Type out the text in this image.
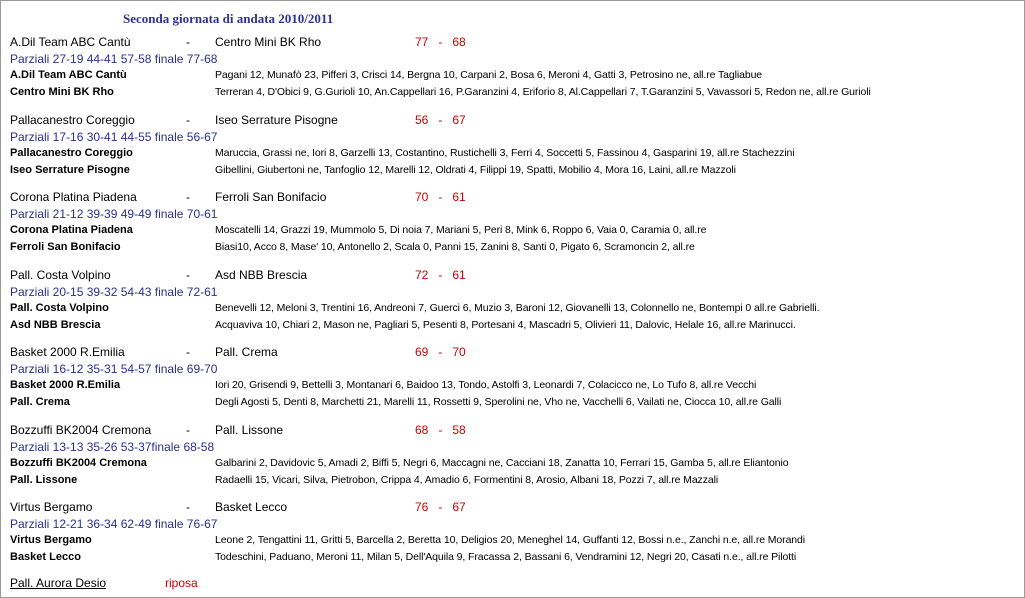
Seconda giornata di andata 2010/2011
A.Dil Team ABC Cantù	- Centro Mini BK Rho	77   -   68
Parziali 27-19 44-41 57-58 finale 77-68
A.Dil Team ABC Cantù	Pagani 12, Munafò 23, Pifferi 3, Crisci 14, Bergna 10, Carpani 2, Bosa 6, Meroni 4, Gatti 3, Petrosino ne, all.re Tagliabue
Centro Mini BK Rho	Terreran 4, D'Obici 9, G.Gurioli 10, An.Cappellari 16, P.Garanzini 4, Eriforio 8, Al.Cappellari 7, T.Garanzini 5, Vavassori 5, Redon ne, all.re Gurioli
Pallacanestro Coreggio	- Iseo Serrature Pisogne	56   -   67
Parziali 17-16 30-41 44-55 finale 56-67
Pallacanestro Coreggio	Maruccia, Grassi ne, Iori 8, Garzelli 13, Costantino, Rustichelli 3, Ferri 4, Soccetti 5, Fassinou 4, Gasparini 19, all.re Stachezzini
Iseo Serrature Pisogne	Gibellini, Giubertoni ne, Tanfoglio 12, Marelli 12, Oldrati 4, Filippi 19, Spatti, Mobilio 4, Mora 16, Laini, all.re Mazzoli
Corona Platina Piadena	- Ferroli San Bonifacio	70   -   61
Parziali 21-12 39-39 49-49 finale 70-61
Corona Platina Piadena	Moscatelli 14, Grazzi 19, Mummolo 5, Di noia 7, Mariani 5, Peri 8, Mink 6, Roppo 6, Vaia 0, Caramia 0, all.re
Ferroli San Bonifacio	Biasi10, Acco 8, Mase' 10, Antonello 2, Scala 0, Panni 15, Zanini 8, Santi 0, Pigato 6, Scramoncin 2, all.re
Pall. Costa Volpino	- Asd NBB Brescia	72   -   61
Parziali 20-15 39-32 54-43 finale 72-61
Pall. Costa Volpino	Benevelli 12, Meloni 3, Trentini 16, Andreoni 7, Guerci 6, Muzio 3, Baroni 12, Giovanelli 13, Colonnello ne, Bontempi 0 all.re Gabrielli.
Asd NBB Brescia	Acquaviva 10, Chiari 2, Mason ne, Pagliari 5, Pesenti 8, Portesani 4, Mascadri 5, Olivieri 11, Dalovic, Helale 16, all.re Marinucci.
Basket 2000 R.Emilia	- Pall. Crema	69   -   70
Parziali 16-12 35-31 54-57 finale 69-70
Basket 2000 R.Emilia	Iori 20, Grisendi 9, Bettelli 3, Montanari 6, Baidoo 13, Tondo, Astolfi 3, Leonardi 7, Colacicco ne, Lo Tufo 8, all.re Vecchi
Pall. Crema	Degli Agosti 5, Denti 8, Marchetti 21, Marelli 11, Rossetti 9, Sperolini ne, Vho ne, Vacchelli 6, Vailati ne, Ciocca 10, all.re Galli
Bozzuffi BK2004 Cremona	- Pall. Lissone	68   -   58
Parziali 13-13 35-26 53-37finale 68-58
Bozzuffi BK2004 Cremona	Galbarini 2, Davidovic 5, Amadi 2, Biffi 5, Negri 6, Maccagni ne, Cacciani 18, Zanatta 10, Ferrari 15, Gamba 5, all.re Eliantonio
Pall. Lissone	Radaelli 15, Vicari, Silva, Pietrobon, Crippa 4, Amadio 6, Formentini 8, Arosio, Albani 18, Pozzi 7, all.re Mazzali
Virtus Bergamo	- Basket Lecco	76   -   67
Parziali 12-21 36-34 62-49 finale 76-67
Virtus Bergamo	Leone 2, Tengattini 11, Gritti 5, Barcella 2, Beretta 10, Deligios 20, Meneghel 14, Guffanti 12, Bossi n.e., Zanchi n.e, all.re Morandi
Basket Lecco	Todeschini, Paduano, Meroni 11, Milan 5, Dell'Aquila 9, Fracassa 2, Bassani 6, Vendramini 12, Negri 20, Casati n.e., all.re Pilotti
Pall. Aurora Desio	riposa
